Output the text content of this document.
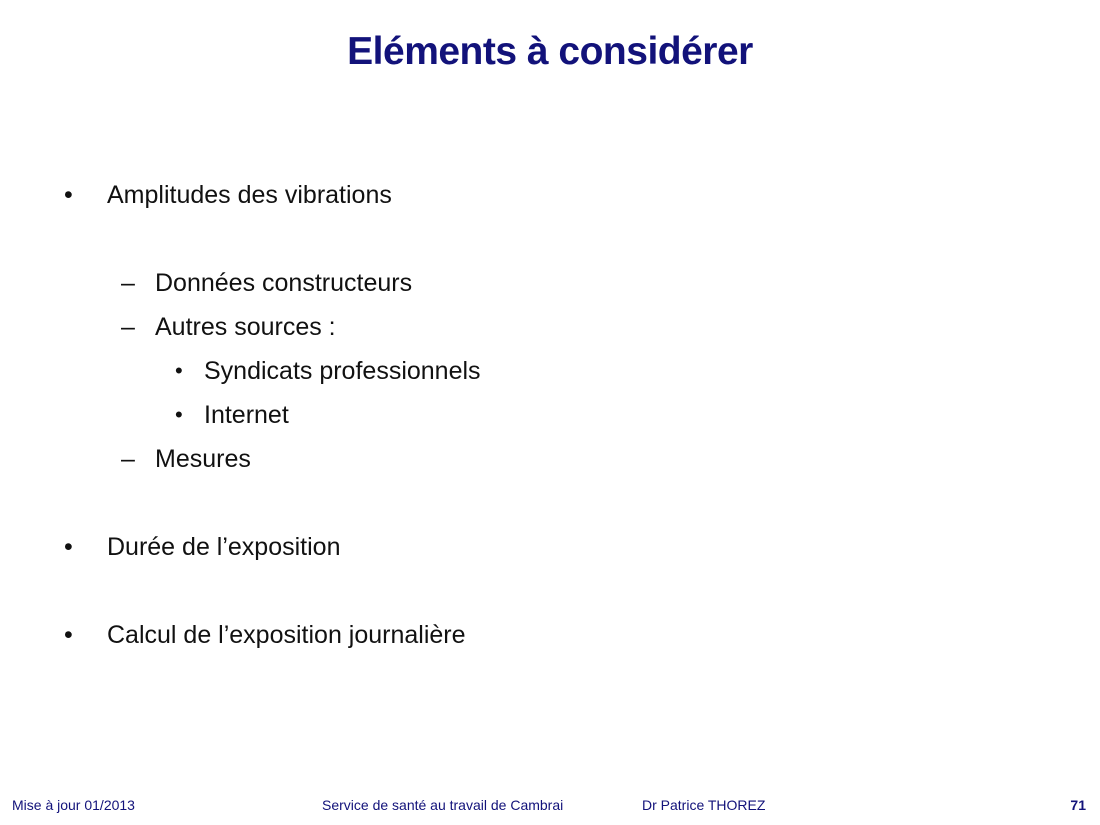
Eléments à considérer
• Amplitudes des vibrations
– Données constructeurs
– Autres sources :
• Syndicats professionnels
• Internet
– Mesures
• Durée de l’exposition
• Calcul de l’exposition journalière
Mise à jour 01/2013	Service de santé au travail de Cambrai	Dr Patrice THOREZ	71
